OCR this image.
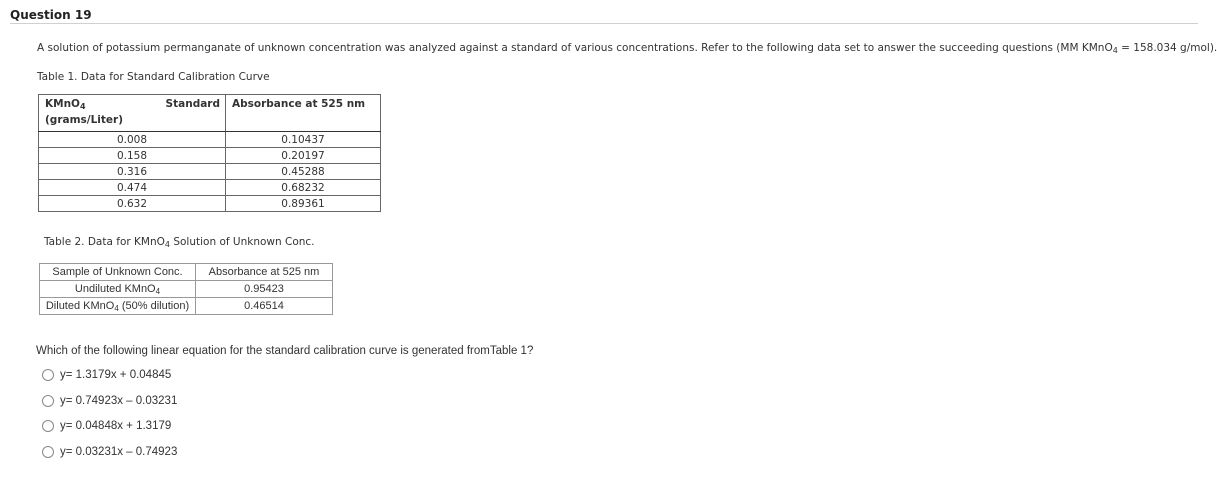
Question 19
A solution of potassium permanganate of unknown concentration was analyzed against a standard of various concentrations. Refer to the following data set to answer the succeeding questions (MM KMnO$_4$ = 158.034 g/mol).
Table 1. Data for Standard Calibration Curve
KMnO$_4$
(grams/Liter)
Standard	Absorbance at 525 nm
0.008	0.10437
0.158	0.20197
0.316	0.45288
0.474	0.68232
0.632	0.89361
Table 2. Data for KMnO$_4$ Solution of Unknown Conc.
Sample of Unknown Conc.	Absorbance at 525 nm
Undiluted KMnO$_4$	0.95423
Diluted KMnO$_4$ (50% dilution)	0.46514
Which of the following linear equation for the standard calibration curve is generated fromTable 1?
y= 1.3179x + 0.04845
y= 0.74923x – 0.03231
y= 0.04848x + 1.3179
y= 0.03231x – 0.74923
